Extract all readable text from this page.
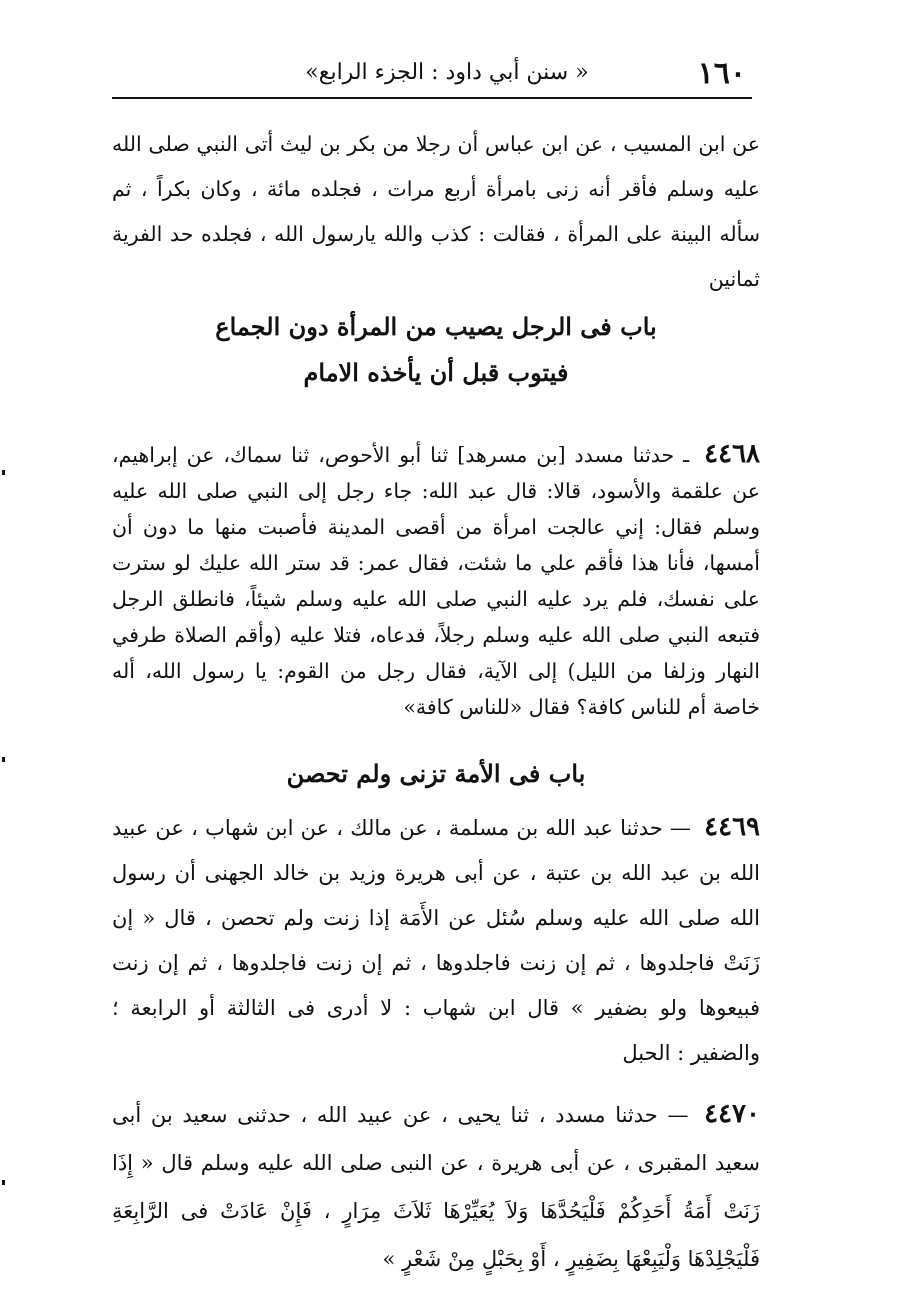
١٦٠
« سنن أبي داود : الجزء الرابع»

عن ابن المسيب ، عن ابن عباس أن رجلا من بكر بن ليث أتى النبي صلى الله عليه وسلم فأقر أنه زنى بامرأة أربع مرات ، فجلده مائة ، وكان بكراً ، ثم سأله البينة على المرأة ، فقالت : كذب والله يارسول الله ، فجلده حد الفرية ثمانين

باب فى الرجل يصيب من المرأة دون الجماع
فيتوب قبل أن يأخذه الامام

٤٤٦٨ ـ حدثنا مسدد [بن مسرهد] ثنا أبو الأحوص، ثنا سماك، عن إبراهيم، عن علقمة والأسود، قالا: قال عبد الله: جاء رجل إلى النبي صلى الله عليه وسلم فقال: إني عالجت امرأة من أقصى المدينة فأصبت منها ما دون أن أمسها، فأنا هذا فأقم علي ما شئت، فقال عمر: قد ستر الله عليك لو سترت على نفسك، فلم يرد عليه النبي صلى الله عليه وسلم شيئاً، فانطلق الرجل فتبعه النبي صلى الله عليه وسلم رجلاً، فدعاه، فتلا عليه (وأقم الصلاة طرفي النهار وزلفا من الليل) إلى الآية، فقال رجل من القوم: يا رسول الله، أله خاصة أم للناس كافة؟ فقال «للناس كافة»

باب فى الأمة تزنى ولم تحصن

٤٤٦٩ — حدثنا عبد الله بن مسلمة ، عن مالك ، عن ابن شهاب ، عن عبيد الله بن عبد الله بن عتبة ، عن أبى هريرة وزيد بن خالد الجهنى أن رسول الله صلى الله عليه وسلم سُئل عن الأَمَة إذا زنت ولم تحصن ، قال « إن زَنَتْ فاجلدوها ، ثم إن زنت فاجلدوها ، ثم إن زنت فاجلدوها ، ثم إن زنت فبيعوها ولو بضفير » قال ابن شهاب : لا أدرى فى الثالثة أو الرابعة ؛ والضفير : الحبل

٤٤٧٠ — حدثنا مسدد ، ثنا يحيى ، عن عبيد الله ، حدثنى سعيد بن أبى سعيد المقبرى ، عن أبى هريرة ، عن النبى صلى الله عليه وسلم قال « إِذَا زَنَتْ أَمَةُ أَحَدِكُمْ فَلْيَحُدَّهَا وَلاَ يُعَيِّرْهَا ثَلاَثَ مِرَارٍ ، فَإِنْ عَادَتْ فى الرَّابِعَةِ فَلْيَجْلِدْهَا وَلْيَبِعْهَا بِضَفِيرٍ ، أَوْ بِحَبْلٍ مِنْ شَعْرٍ »
